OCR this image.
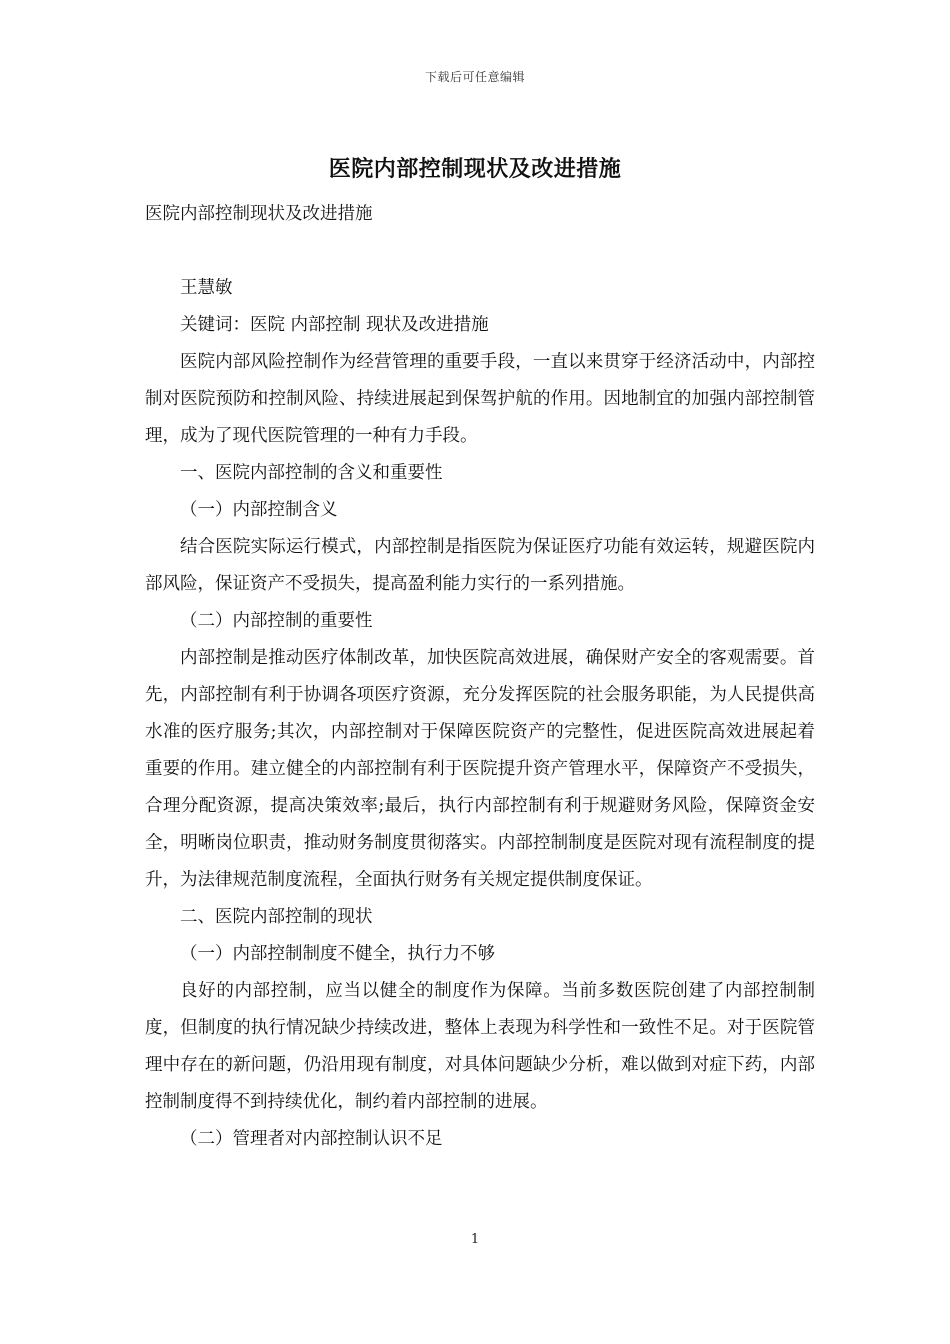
下载后可任意编辑
医院内部控制现状及改进措施

医院内部控制现状及改进措施

王慧敏

关键词：医院 内部控制 现状及改进措施

医院内部风险控制作为经营管理的重要手段，一直以来贯穿于经济活动中，内部控制对医院预防和控制风险、持续进展起到保驾护航的作用。因地制宜的加强内部控制管理，成为了现代医院管理的一种有力手段。

一、医院内部控制的含义和重要性

（一）内部控制含义

结合医院实际运行模式，内部控制是指医院为保证医疗功能有效运转，规避医院内部风险，保证资产不受损失，提高盈利能力实行的一系列措施。

（二）内部控制的重要性

内部控制是推动医疗体制改革，加快医院高效进展，确保财产安全的客观需要。首先，内部控制有利于协调各项医疗资源，充分发挥医院的社会服务职能，为人民提供高水准的医疗服务;其次，内部控制对于保障医院资产的完整性，促进医院高效进展起着重要的作用。建立健全的内部控制有利于医院提升资产管理水平，保障资产不受损失，合理分配资源，提高决策效率;最后，执行内部控制有利于规避财务风险，保障资金安全，明晰岗位职责，推动财务制度贯彻落实。内部控制制度是医院对现有流程制度的提升，为法律规范制度流程，全面执行财务有关规定提供制度保证。

二、医院内部控制的现状

（一）内部控制制度不健全，执行力不够

良好的内部控制，应当以健全的制度作为保障。当前多数医院创建了内部控制制度，但制度的执行情况缺少持续改进，整体上表现为科学性和一致性不足。对于医院管理中存在的新问题，仍沿用现有制度，对具体问题缺少分析，难以做到对症下药，内部控制制度得不到持续优化，制约着内部控制的进展。

（二）管理者对内部控制认识不足

1
